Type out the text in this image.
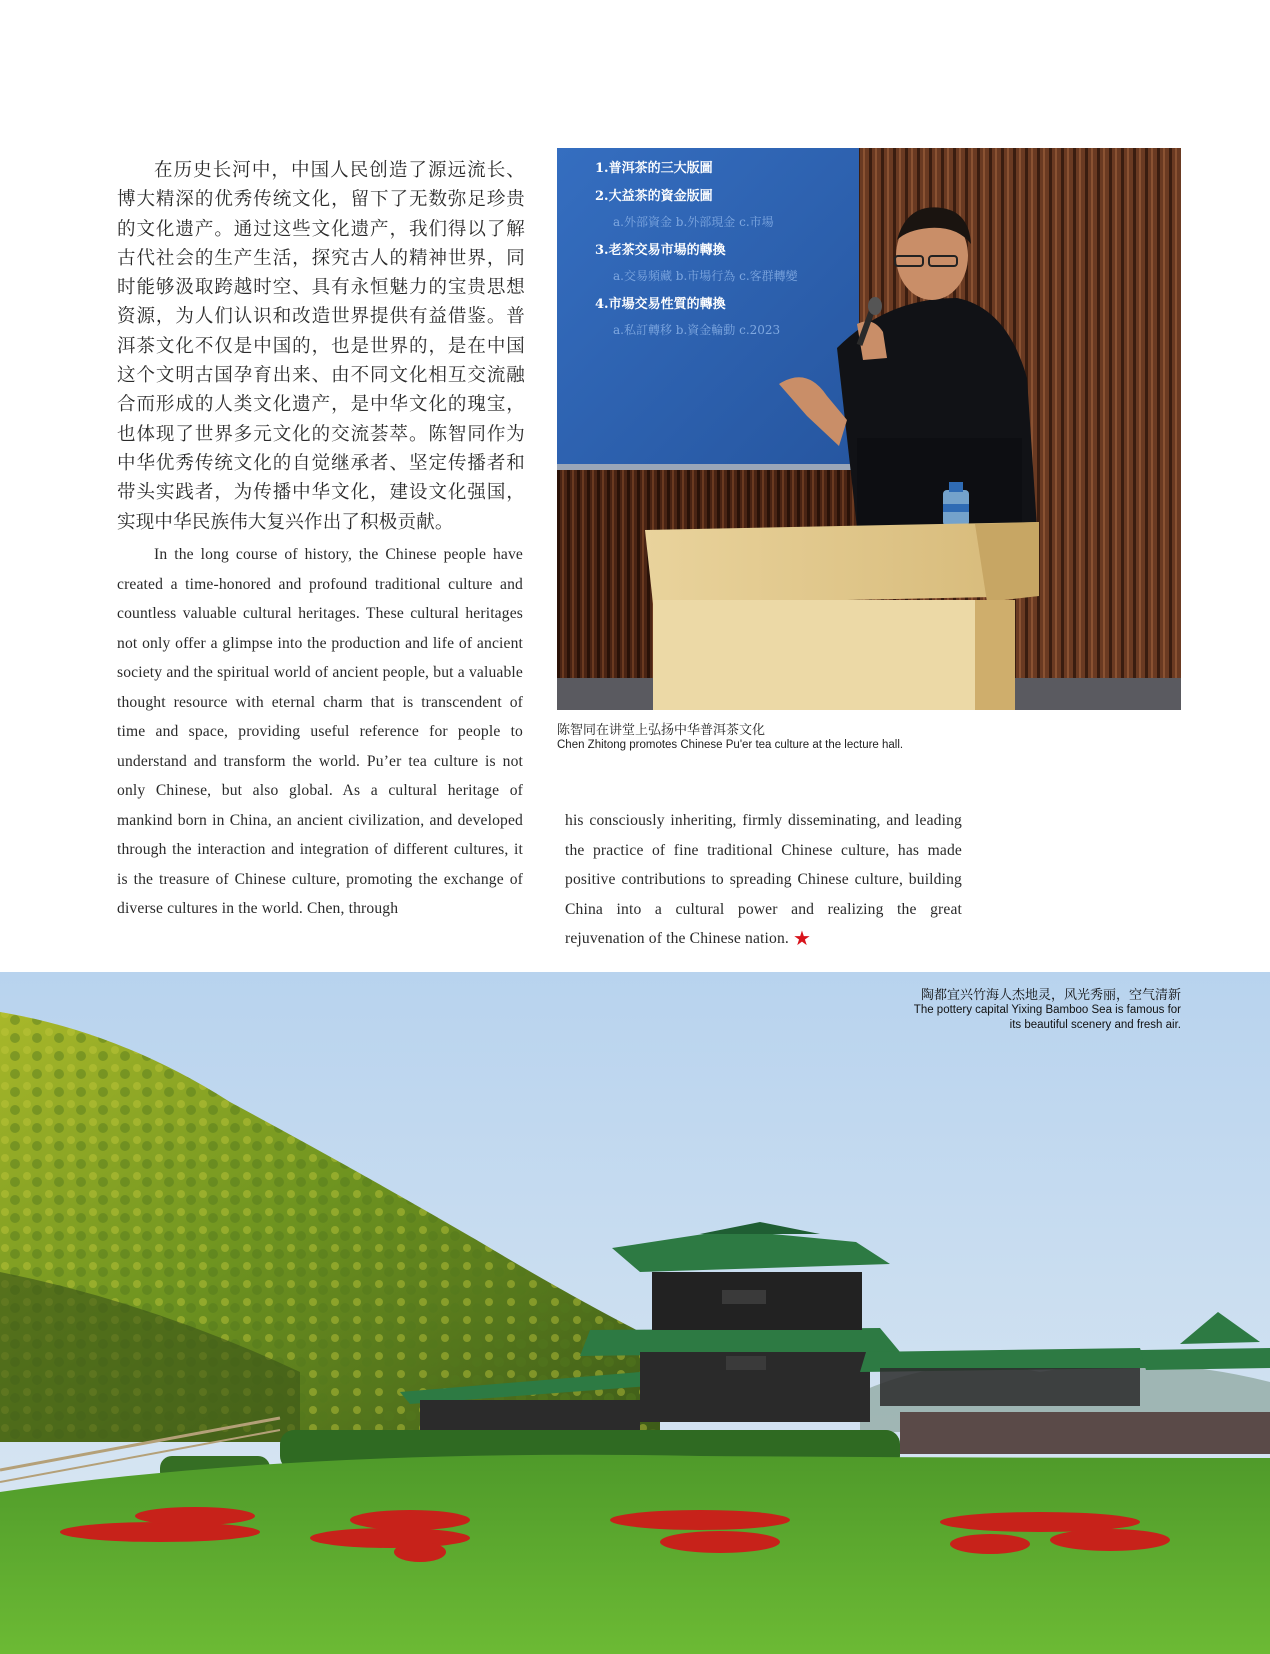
在历史长河中，中国人民创造了源远流长、博大精深的优秀传统文化，留下了无数弥足珍贵的文化遗产。通过这些文化遗产，我们得以了解古代社会的生产生活，探究古人的精神世界，同时能够汲取跨越时空、具有永恒魅力的宝贵思想资源，为人们认识和改造世界提供有益借鉴。普洱茶文化不仅是中国的，也是世界的，是在中国这个文明古国孕育出来、由不同文化相互交流融合而形成的人类文化遗产，是中华文化的瑰宝，也体现了世界多元文化的交流荟萃。陈智同作为中华优秀传统文化的自觉继承者、坚定传播者和带头实践者，为传播中华文化，建设文化强国，实现中华民族伟大复兴作出了积极贡献。

In the long course of history, the Chinese people have created a time-honored and profound traditional culture and countless valuable cultural heritages. These cultural heritages not only offer a glimpse into the production and life of ancient society and the spiritual world of ancient people, but a valuable thought resource with eternal charm that is transcendent of time and space, providing useful reference for people to understand and transform the world. Pu’er tea culture is not only Chinese, but also global. As a cultural heritage of mankind born in China, an ancient civilization, and developed through the interaction and integration of different cultures, it is the treasure of Chinese culture, promoting the exchange of diverse cultures in the world. Chen, through

his consciously inheriting, firmly disseminating, and leading the practice of fine traditional Chinese culture, has made positive contributions to spreading Chinese culture, building China into a cultural power and realizing the great rejuvenation of the Chinese nation. ★

1.普洱茶的三大版圖
2.大益茶的資金版圖
a.外部資金 b.外部現金 c.市場
3.老茶交易市場的轉換
a.交易頻藏 b.市場行為 c.客群轉變
4.市場交易性質的轉換
a.私訂轉移 b.資金輪動 c.2023
陈智同在讲堂上弘扬中华普洱茶文化
Chen Zhitong promotes Chinese Pu'er tea culture at the lecture hall.
陶都宜兴竹海人杰地灵，风光秀丽，空气清新
The pottery capital Yixing Bamboo Sea is famous for
its beautiful scenery and fresh air.
